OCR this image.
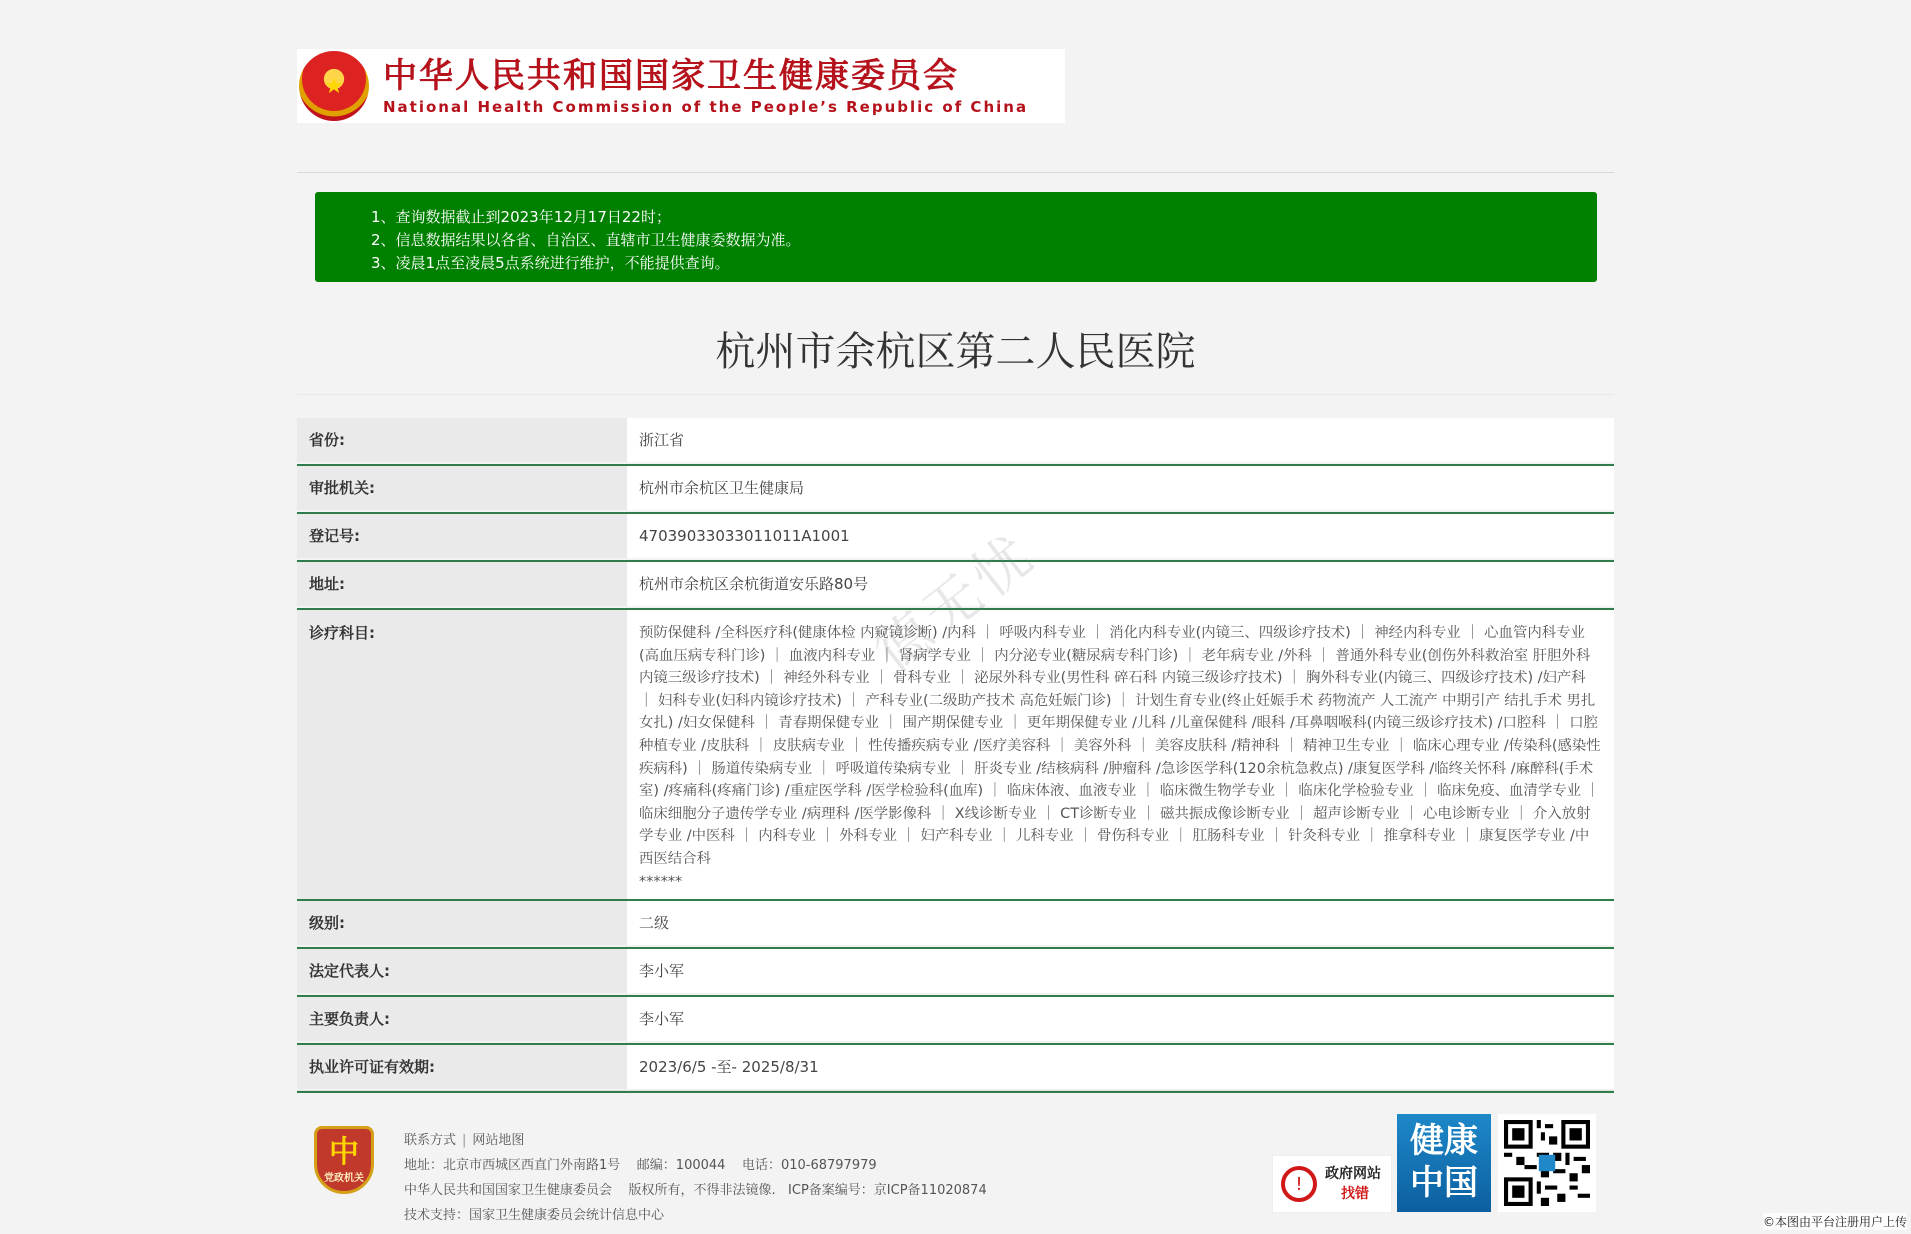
★	中华人民共和国国家卫生健康委员会
National Health Commission of the People’s Republic of China
1、查询数据截止到2023年12月17日22时；
2、信息数据结果以各省、自治区、直辖市卫生健康委数据为准。
3、凌晨1点至凌晨5点系统进行维护，不能提供查询。
杭州市余杭区第二人民医院
省份:	浙江省
审批机关:	杭州市余杭区卫生健康局
登记号:	47039033033011011A1001
地址:	杭州市余杭区余杭街道安乐路80号
诊疗科目:	预防保健科 /全科医疗科(健康体检 内窥镜诊断) /内科 ｜ 呼吸内科专业 ｜ 消化内科专业(内镜三、四级诊疗技术) ｜ 神经内科专业 ｜ 心血管内科专业(高血压病专科门诊) ｜ 血液内科专业 ｜ 肾病学专业 ｜ 内分泌专业(糖尿病专科门诊) ｜ 老年病专业 /外科 ｜ 普通外科专业(创伤外科救治室 肝胆外科 内镜三级诊疗技术) ｜ 神经外科专业 ｜ 骨科专业 ｜ 泌尿外科专业(男性科 碎石科 内镜三级诊疗技术) ｜ 胸外科专业(内镜三、四级诊疗技术) /妇产科 ｜ 妇科专业(妇科内镜诊疗技术) ｜ 产科专业(二级助产技术 高危妊娠门诊) ｜ 计划生育专业(终止妊娠手术 药物流产 人工流产 中期引产 结扎手术 男扎 女扎) /妇女保健科 ｜ 青春期保健专业 ｜ 围产期保健专业 ｜ 更年期保健专业 /儿科 /儿童保健科 /眼科 /耳鼻咽喉科(内镜三级诊疗技术) /口腔科 ｜ 口腔种植专业 /皮肤科 ｜ 皮肤病专业 ｜ 性传播疾病专业 /医疗美容科 ｜ 美容外科 ｜ 美容皮肤科 /精神科 ｜ 精神卫生专业 ｜ 临床心理专业 /传染科(感染性疾病科) ｜ 肠道传染病专业 ｜ 呼吸道传染病专业 ｜ 肝炎专业 /结核病科 /肿瘤科 /急诊医学科(120余杭急救点) /康复医学科 /临终关怀科 /麻醉科(手术室) /疼痛科(疼痛门诊) /重症医学科 /医学检验科(血库) ｜ 临床体液、血液专业 ｜ 临床微生物学专业 ｜ 临床化学检验专业 ｜ 临床免疫、血清学专业 ｜ 临床细胞分子遗传学专业 /病理科 /医学影像科 ｜ X线诊断专业 ｜ CT诊断专业 ｜ 磁共振成像诊断专业 ｜ 超声诊断专业 ｜ 心电诊断专业 ｜ 介入放射学专业 /中医科 ｜ 内科专业 ｜ 外科专业 ｜ 妇产科专业 ｜ 儿科专业 ｜ 骨伤科专业 ｜ 肛肠科专业 ｜ 针灸科专业 ｜ 推拿科专业 ｜ 康复医学专业 /中西医结合科
******
级别:	二级
法定代表人:	李小军
主要负责人:	李小军
执业许可证有效期:	2023/6/5 -至- 2025/8/31
中
党政机关
联系方式 | 网站地图
地址：北京市西城区西直门外南路1号    邮编：100044    电话：010-68797979
中华人民共和国国家卫生健康委员会    版权所有，不得非法镜像.   ICP备案编号：京ICP备11020874
技术支持：国家卫生健康委员会统计信息中心
!	政府网站
找错
健康
中国
©本图由平台注册用户上传
